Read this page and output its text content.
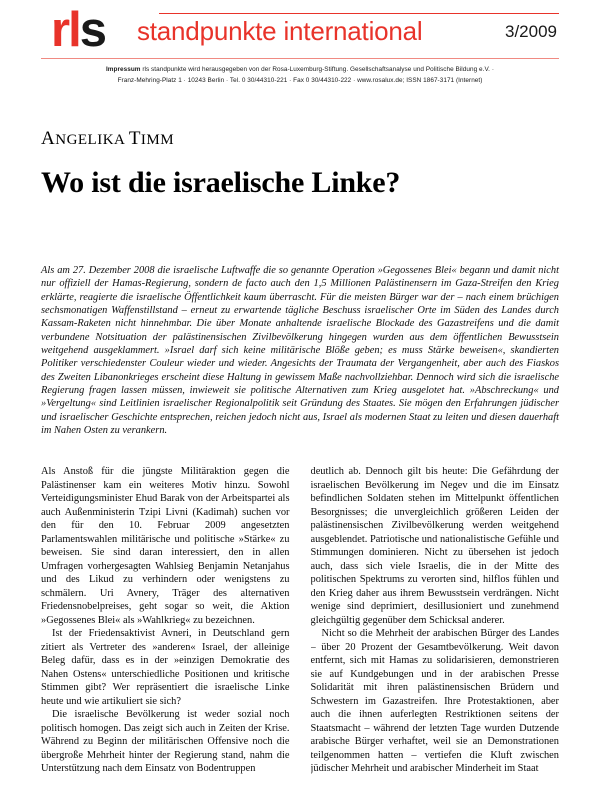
rls standpunkte international	3/2009
Impressum rls standpunkte wird herausgegeben von der Rosa-Luxemburg-Stiftung. Gesellschaftsanalyse und Politische Bildung e.V. ·
Franz-Mehring-Platz 1 · 10243 Berlin · Tel. 0 30/44310-221 · Fax 0 30/44310-222 · www.rosalux.de; ISSN 1867-3171 (Internet)
ANGELIKA TIMM
Wo ist die israelische Linke?
Als am 27. Dezember 2008 die israelische Luftwaffe die so genannte Operation »Gegossenes Blei« begann und damit nicht nur offiziell der Hamas-Regierung, sondern de facto auch den 1,5 Millionen Palästinensern im Gaza-Streifen den Krieg erklärte, reagierte die israelische Öffentlichkeit kaum überrascht. Für die meisten Bürger war der – nach einem brüchigen sechsmonatigen Waffenstillstand – erneut zu erwartende tägliche Beschuss israelischer Orte im Süden des Landes durch Kassam-Raketen nicht hinnehmbar. Die über Monate anhaltende israelische Blockade des Gazastreifens und die damit verbundene Notsituation der palästinensischen Zivilbevölkerung hingegen wurden aus dem öffentlichen Bewusstsein weitgehend ausgeklammert. »Israel darf sich keine militärische Blöße geben; es muss Stärke beweisen«, skandierten Politiker verschiedenster Couleur wieder und wieder. Angesichts der Traumata der Vergangenheit, aber auch des Fiaskos des Zweiten Libanonkrieges erscheint diese Haltung in gewissem Maße nachvollziehbar. Dennoch wird sich die israelische Regierung fragen lassen müssen, inwieweit sie politische Alternativen zum Krieg ausgelotet hat. »Abschreckung« und »Vergeltung« sind Leitlinien israelischer Regionalpolitik seit Gründung des Staates. Sie mögen den Erfahrungen jüdischer und israelischer Geschichte entsprechen, reichen jedoch nicht aus, Israel als modernen Staat zu leiten und diesen dauerhaft im Nahen Osten zu verankern.

Als Anstoß für die jüngste Militäraktion gegen die Palästinenser kam ein weiteres Motiv hinzu. Sowohl Verteidigungsminister Ehud Barak von der Arbeitspartei als auch Außenministerin Tzipi Livni (Kadimah) suchen vor den für den 10. Februar 2009 angesetzten Parlamentswahlen militärische und politische »Stärke« zu beweisen. Sie sind daran interessiert, den in allen Umfragen vorhergesagten Wahlsieg Benjamin Netanjahus und des Likud zu verhindern oder wenigstens zu schmälern. Uri Avnery, Träger des alternativen Friedensnobelpreises, geht sogar so weit, die Aktion »Gegossenes Blei« als »Wahlkrieg« zu bezeichnen.

Ist der Friedensaktivist Avneri, in Deutschland gern zitiert als Vertreter des »anderen« Israel, der alleinige Beleg dafür, dass es in der »einzigen Demokratie des Nahen Ostens« unterschiedliche Positionen und kritische Stimmen gibt? Wer repräsentiert die israelische Linke heute und wie artikuliert sie sich?

Die israelische Bevölkerung ist weder sozial noch politisch homogen. Das zeigt sich auch in Zeiten der Krise. Während zu Beginn der militärischen Offensive noch die übergroße Mehrheit hinter der Regierung stand, nahm die Unterstützung nach dem Einsatz von Bodentruppen

deutlich ab. Dennoch gilt bis heute: Die Gefährdung der israelischen Bevölkerung im Negev und die im Einsatz befindlichen Soldaten stehen im Mittelpunkt öffentlichen Besorgnisses; die unvergleichlich größeren Leiden der palästinensischen Zivilbevölkerung werden weitgehend ausgeblendet. Patriotische und nationalistische Gefühle und Stimmungen dominieren. Nicht zu übersehen ist jedoch auch, dass sich viele Israelis, die in der Mitte des politischen Spektrums zu verorten sind, hilflos fühlen und den Krieg daher aus ihrem Bewusstsein verdrängen. Nicht wenige sind deprimiert, desillusioniert und zunehmend gleichgültig gegenüber dem Schicksal anderer.

Nicht so die Mehrheit der arabischen Bürger des Landes – über 20 Prozent der Gesamtbevölkerung. Weit davon entfernt, sich mit Hamas zu solidarisieren, demonstrieren sie auf Kundgebungen und in der arabischen Presse Solidarität mit ihren palästinensischen Brüdern und Schwestern im Gazastreifen. Ihre Protestaktionen, aber auch die ihnen auferlegten Restriktionen seitens der Staatsmacht – während der letzten Tage wurden Dutzende arabische Bürger verhaftet, weil sie an Demonstrationen teilgenommen hatten – vertiefen die Kluft zwischen jüdischer Mehrheit und arabischer Minderheit im Staat
